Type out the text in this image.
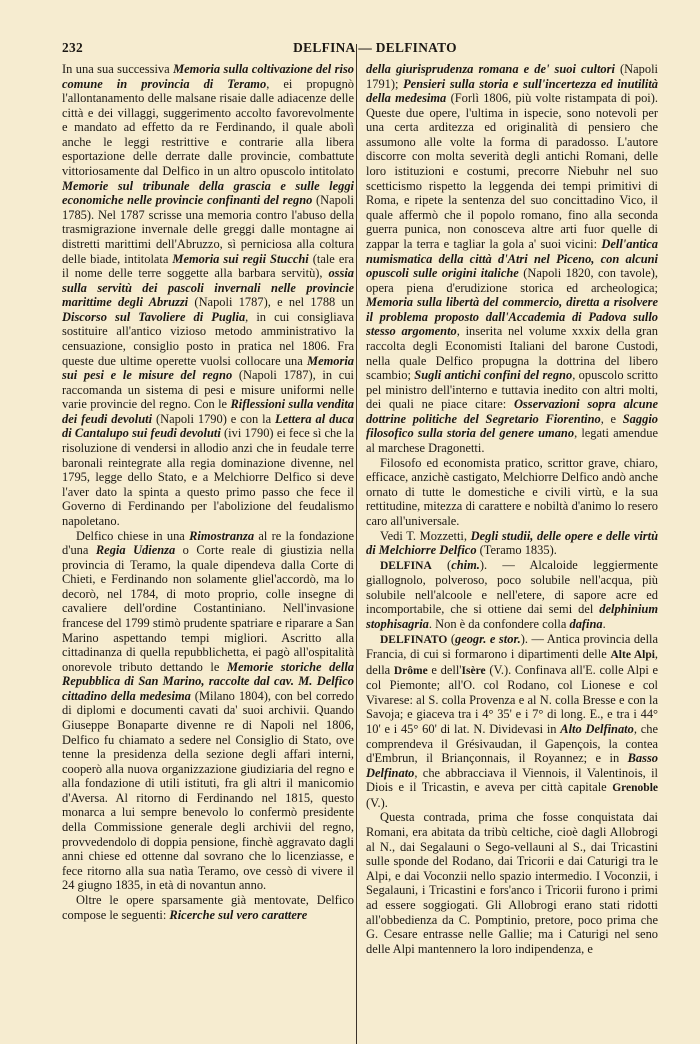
232	DELFINA — DELFINATO

In una sua successiva Memoria sulla coltivazione del riso comune in provincia di Teramo, ei propugnò l'allontanamento delle malsane risaie dalle adiacenze delle città e dei villaggi, suggerimento accolto favorevolmente e mandato ad effetto da re Ferdinando, il quale abolì anche le leggi restrittive e contrarie alla libera esportazione delle derrate dalle provincie, combattute vittoriosamente dal Delfico in un altro opuscolo intitolato Memorie sul tribunale della grascia e sulle leggi economiche nelle provincie confinanti del regno (Napoli 1785). Nel 1787 scrisse una memoria contro l'abuso della trasmigrazione invernale delle greggi dalle montagne ai distretti marittimi dell'Abruzzo, sì perniciosa alla coltura delle biade, intitolata Memoria sui regii Stucchi (tale era il nome delle terre soggette alla barbara servitù), ossia sulla servitù dei pascoli invernali nelle provincie marittime degli Abruzzi (Napoli 1787), e nel 1788 un Discorso sul Tavoliere di Puglia, in cui consigliava sostituire all'antico vizioso metodo amministrativo la censuazione, consiglio posto in pratica nel 1806. Fra queste due ultime operette vuolsi collocare una Memoria sui pesi e le misure del regno (Napoli 1787), in cui raccomanda un sistema di pesi e misure uniformi nelle varie provincie del regno. Con le Riflessioni sulla vendita dei feudi devoluti (Napoli 1790) e con la Lettera al duca di Cantalupo sui feudi devoluti (ivi 1790) ei fece sì che la risoluzione di vendersi in allodio anzi che in feudale terre baronali reintegrate alla regia dominazione divenne, nel 1795, legge dello Stato, e a Melchiorre Delfico si deve l'aver dato la spinta a questo primo passo che fece il Governo di Ferdinando per l'abolizione del feudalismo napoletano.

Delfico chiese in una Rimostranza al re la fondazione d'una Regia Udienza o Corte reale di giustizia nella provincia di Teramo, la quale dipendeva dalla Corte di Chieti, e Ferdinando non solamente gliel'accordò, ma lo decorò, nel 1784, di moto proprio, colle insegne di cavaliere dell'ordine Costantiniano. Nell'invasione francese del 1799 stimò prudente spatriare e riparare a San Marino aspettando tempi migliori. Ascritto alla cittadinanza di quella repubblichetta, ei pagò all'ospitalità onorevole tributo dettando le Memorie storiche della Repubblica di San Marino, raccolte dal cav. M. Delfico cittadino della medesima (Milano 1804), con bel corredo di diplomi e documenti cavati da' suoi archivii. Quando Giuseppe Bonaparte divenne re di Napoli nel 1806, Delfico fu chiamato a sedere nel Consiglio di Stato, ove tenne la presidenza della sezione degli affari interni, cooperò alla nuova organizzazione giudiziaria del regno e alla fondazione di utili istituti, fra gli altri il manicomio d'Aversa. Al ritorno di Ferdinando nel 1815, questo monarca a lui sempre benevolo lo confermò presidente della Commissione generale degli archivii del regno, provvedendolo di doppia pensione, finchè aggravato dagli anni chiese ed ottenne dal sovrano che lo licenziasse, e fece ritorno alla sua natìa Teramo, ove cessò di vivere il 24 giugno 1835, in età di novantun anno.

Oltre le opere sparsamente già mentovate, Delfico compose le seguenti: Ricerche sul vero carattere

della giurisprudenza romana e de' suoi cultori (Napoli 1791); Pensieri sulla storia e sull'incertezza ed inutilità della medesima (Forlì 1806, più volte ristampata di poi). Queste due opere, l'ultima in ispecie, sono notevoli per una certa arditezza ed originalità di pensiero che assumono alle volte la forma di paradosso. L'autore discorre con molta severità degli antichi Romani, delle loro istituzioni e costumi, precorre Niebuhr nel suo scetticismo rispetto la leggenda dei tempi primitivi di Roma, e ripete la sentenza del suo concittadino Vico, il quale affermò che il popolo romano, fino alla seconda guerra punica, non conosceva altre arti fuor quelle di zappar la terra e tagliar la gola a' suoi vicini: Dell'antica numismatica della città d'Atri nel Piceno, con alcuni opuscoli sulle origini italiche (Napoli 1820, con tavole), opera piena d'erudizione storica ed archeologica; Memoria sulla libertà del commercio, diretta a risolvere il problema proposto dall'Accademia di Padova sullo stesso argomento, inserita nel volume xxxix della gran raccolta degli Economisti Italiani del barone Custodi, nella quale Delfico propugna la dottrina del libero scambio; Sugli antichi confini del regno, opuscolo scritto pel ministro dell'interno e tuttavia inedito con altri molti, dei quali ne piace citare: Osservazioni sopra alcune dottrine politiche del Segretario Fiorentino, e Saggio filosofico sulla storia del genere umano, legati amendue al marchese Dragonetti.

Filosofo ed economista pratico, scrittor grave, chiaro, efficace, anzichè castigato, Melchiorre Delfico andò anche ornato di tutte le domestiche e civili virtù, e la sua rettitudine, mitezza di carattere e nobiltà d'animo lo resero caro all'universale.

Vedi T. Mozzetti, Degli studii, delle opere e delle virtù di Melchiorre Delfico (Teramo 1835).

DELFINA (chim.). — Alcaloide leggiermente giallognolo, polveroso, poco solubile nell'acqua, più solubile nell'alcoole e nell'etere, di sapore acre ed incomportabile, che si ottiene dai semi del delphinium stophisagria. Non è da confondere colla dafina.

DELFINATO (geogr. e stor.). — Antica provincia della Francia, di cui si formarono i dipartimenti delle Alte Alpi, della Drôme e dell'Isère (V.). Confinava all'E. colle Alpi e col Piemonte; all'O. col Rodano, col Lionese e col Vivarese: al S. colla Provenza e al N. colla Bresse e con la Savoja; e giaceva tra i 4° 35' e i 7° di long. E., e tra i 44° 10' e i 45° 60' di lat. N. Dividevasi in Alto Delfinato, che comprendeva il Grésivaudan, il Gapençois, la contea d'Embrun, il Briançonnais, il Royannez; e in Basso Delfinato, che abbracciava il Viennois, il Valentinois, il Diois e il Tricastin, e aveva per città capitale Grenoble (V.).

Questa contrada, prima che fosse conquistata dai Romani, era abitata da tribù celtiche, cioè dagli Allobrogi al N., dai Segalauni o Sego-vellauni al S., dai Tricastini sulle sponde del Rodano, dai Tricorii e dai Caturigi tra le Alpi, e dai Voconzii nello spazio intermedio. I Voconzii, i Segalauni, i Tricastini e fors'anco i Tricorii furono i primi ad essere soggiogati. Gli Allobrogi erano stati ridotti all'obbedienza da C. Pomptinio, pretore, poco prima che G. Cesare entrasse nelle Gallie; ma i Caturigi nel seno delle Alpi mantennero la loro indipendenza, e
